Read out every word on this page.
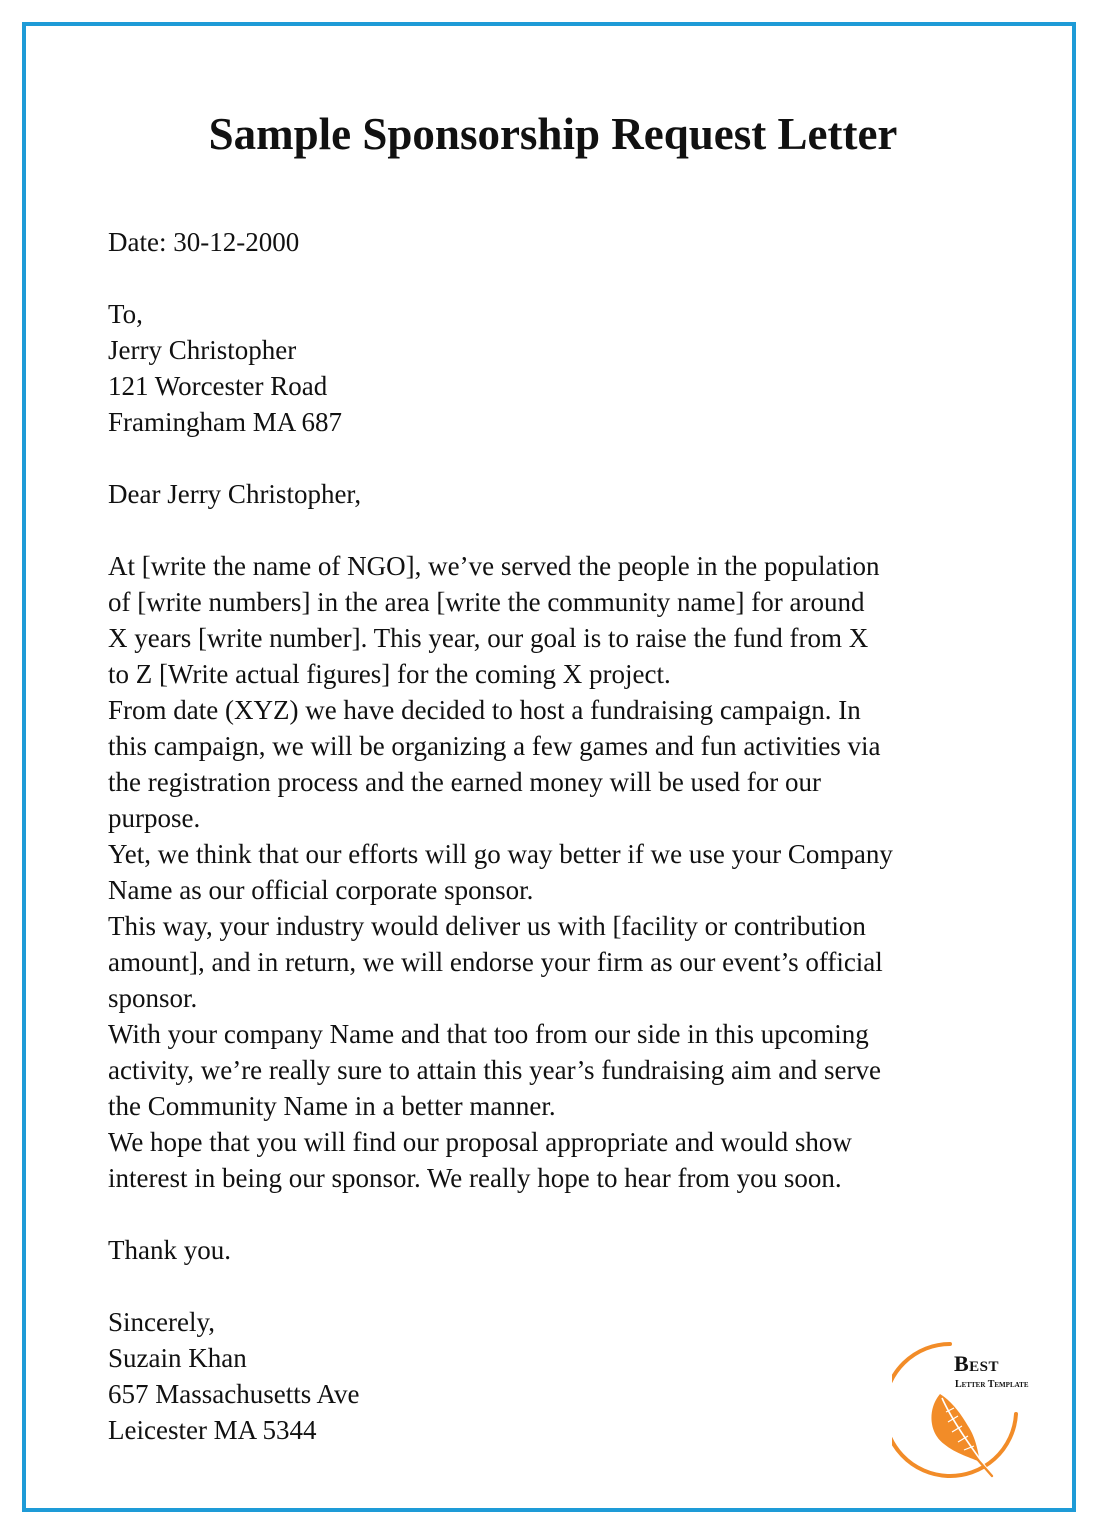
Sample Sponsorship Request Letter
Date: 30-12-2000
To,
Jerry Christopher
121 Worcester Road
Framingham MA 687
Dear Jerry Christopher,
At [write the name of NGO], we’ve served the people in the population
of [write numbers] in the area [write the community name] for around
X years [write number]. This year, our goal is to raise the fund from X
to Z [Write actual figures] for the coming X project.
From date (XYZ) we have decided to host a fundraising campaign. In
this campaign, we will be organizing a few games and fun activities via
the registration process and the earned money will be used for our
purpose.
Yet, we think that our efforts will go way better if we use your Company
Name as our official corporate sponsor.
This way, your industry would deliver us with [facility or contribution
amount], and in return, we will endorse your firm as our event’s official
sponsor.
With your company Name and that too from our side in this upcoming
activity, we’re really sure to attain this year’s fundraising aim and serve
the Community Name in a better manner.
We hope that you will find our proposal appropriate and would show
interest in being our sponsor. We really hope to hear from you soon.
Thank you.
Sincerely,
Suzain Khan
657 Massachusetts Ave
Leicester MA 5344
Best
Letter Template
